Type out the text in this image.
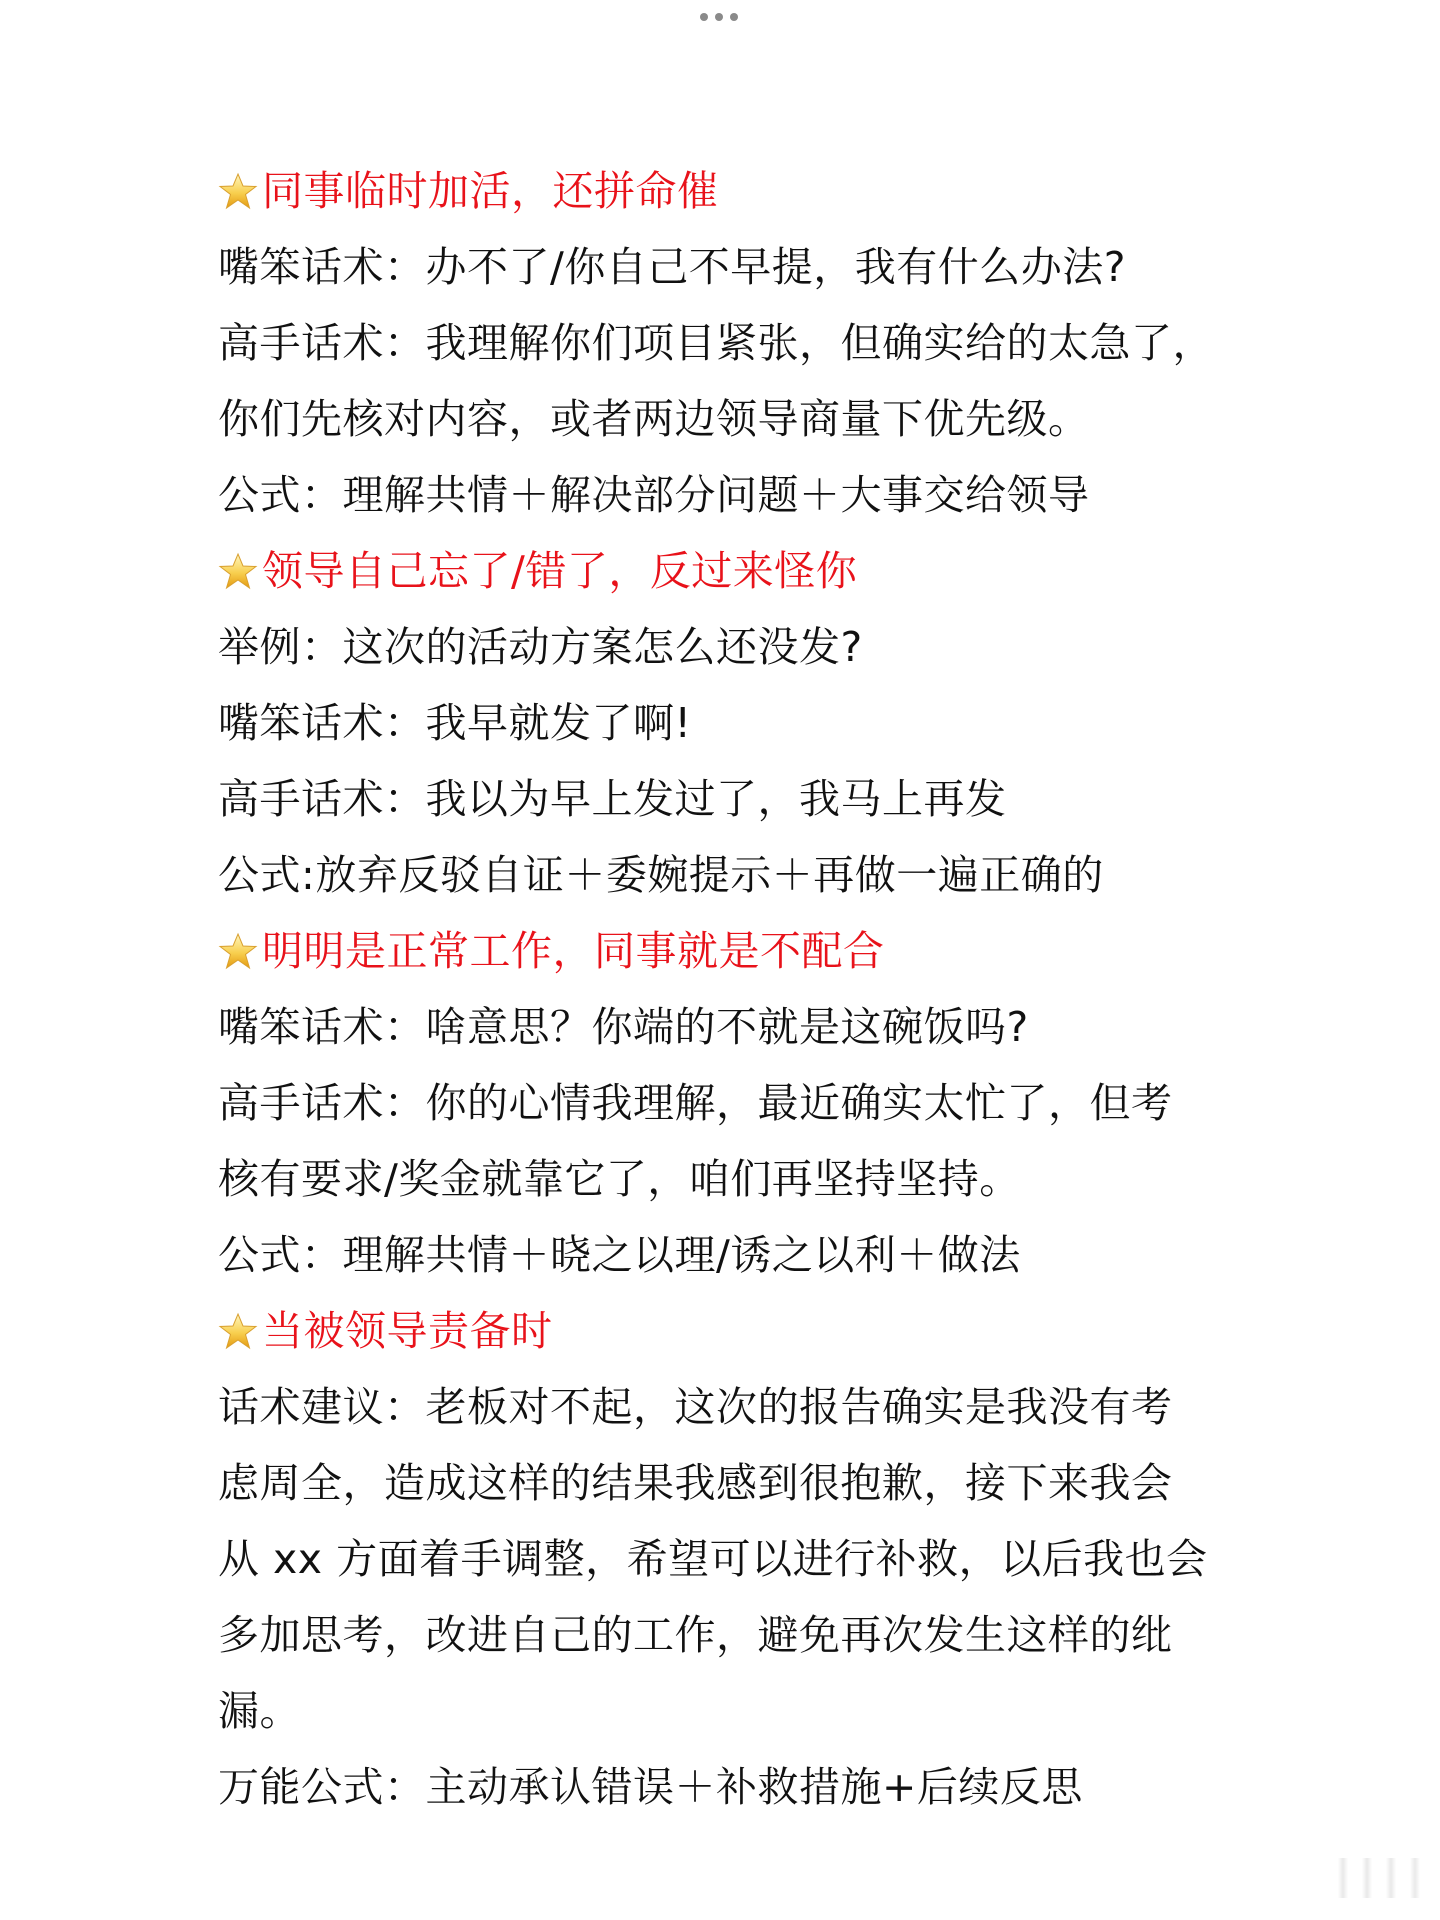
同事临时加活，还拼命催
嘴笨话术：办不了/你自己不早提，我有什么办法?
高手话术：我理解你们项目紧张，但确实给的太急了，
你们先核对内容，或者两边领导商量下优先级。
公式：理解共情＋解决部分问题＋大事交给领导
领导自己忘了/错了，反过来怪你
举例：这次的活动方案怎么还没发?
嘴笨话术：我早就发了啊!
高手话术：我以为早上发过了，我马上再发
公式:放弃反驳自证＋委婉提示＋再做一遍正确的
明明是正常工作，同事就是不配合
嘴笨话术：啥意思？你端的不就是这碗饭吗?
高手话术：你的心情我理解，最近确实太忙了，但考
核有要求/奖金就靠它了，咱们再坚持坚持。
公式：理解共情＋晓之以理/诱之以利＋做法
当被领导责备时
话术建议：老板对不起，这次的报告确实是我没有考
虑周全，造成这样的结果我感到很抱歉，接下来我会
从 xx 方面着手调整，希望可以进行补救，以后我也会
多加思考，改进自己的工作，避免再次发生这样的纰
漏。
万能公式：主动承认错误＋补救措施+后续反思
